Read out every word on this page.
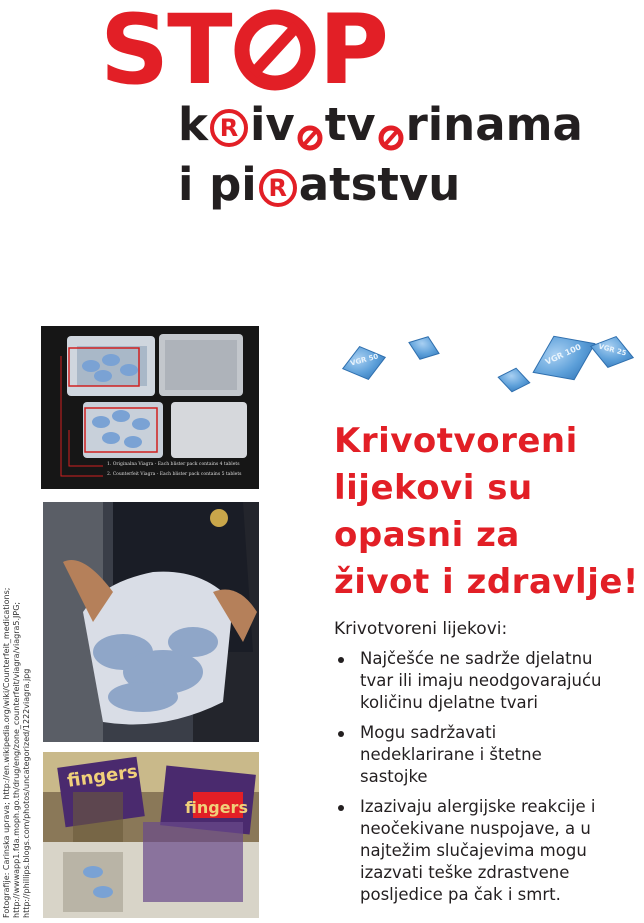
ST P
k R iv tv rinama
i pi R atstvu
1. Originalna Viagra - Each blister pack contains 4 tablets
2. Counterfeit Viagra - Each blister pack contains 5 tablets
fingers
fingers
Fotografije: Carinska uprava; http://en.wikipedia.org/wiki/Counterfeit_medications;
http://wwwapp1.fda.moph.go.th/drug/eng/zone_counterfeit/viagra/viagra5.JPG;
http://phillips.blogs.com/photos/uncategorized/1222viagra.jpg
VGR 50	VGR 100 VGR 25
Krivotvoreni
lijekovi su
opasni za
život i zdravlje!
Krivotvoreni lijekovi:
Najčešće ne sadrže djelatnu
tvar ili imaju neodgovarajuću
količinu djelatne tvari
Mogu sadržavati
nedeklarirane i štetne
sastojke
Izazivaju alergijske reakcije i
neočekivane nuspojave, a u
najtežim slučajevima mogu
izazvati teške zdrastvene
posljedice pa čak i smrt.
